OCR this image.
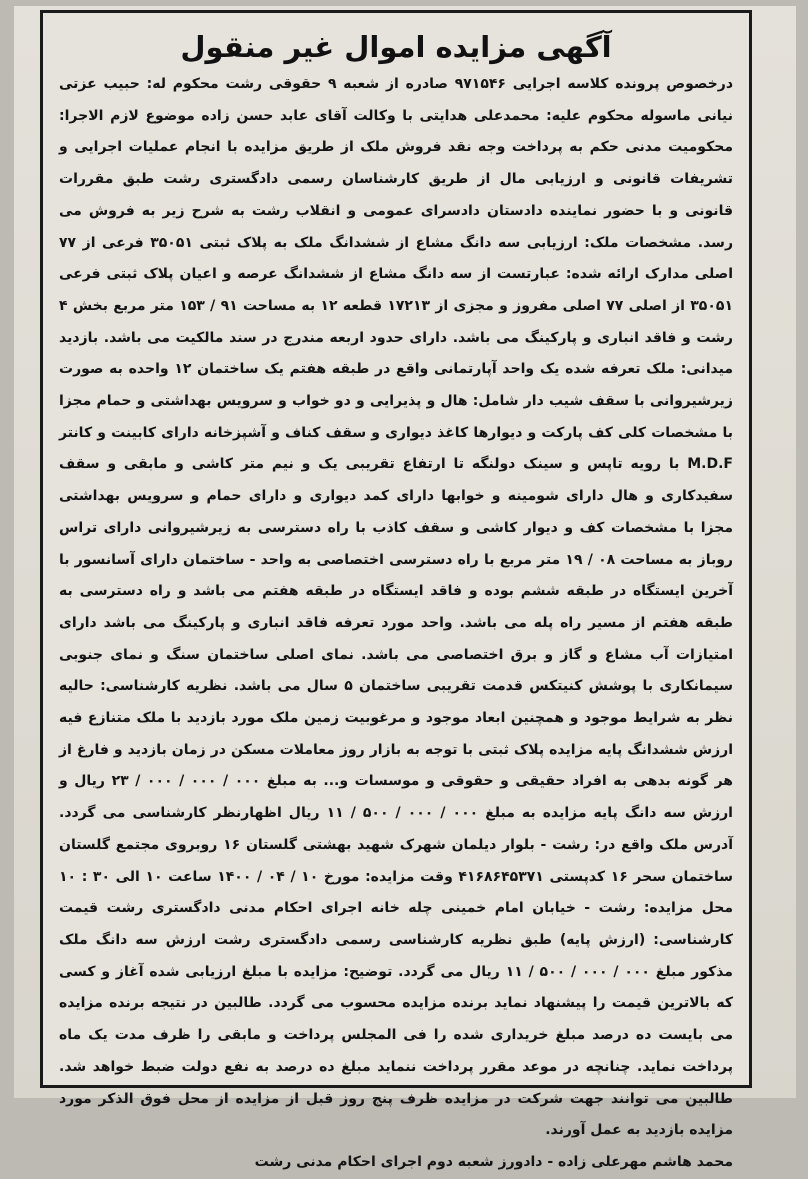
آگهی مزایده اموال غیر منقول
درخصوص پرونده کلاسه اجرایی ۹۷۱۵۴۶ صادره از شعبه ۹ حقوقی رشت محکوم له: حبیب عزتی نیانی ماسوله محکوم علیه: محمدعلی هدایتی با وکالت آقای عابد حسن زاده موضوع لازم الاجرا: محکومیت مدنی حکم به پرداخت وجه نقد فروش ملک از طریق مزایده با انجام عملیات اجرایی و تشریفات قانونی و ارزیابی مال از طریق کارشناسان رسمی دادگستری رشت طبق مقررات قانونی و با حضور نماینده دادستان دادسرای عمومی و انقلاب رشت به شرح زیر به فروش می رسد. مشخصات ملک: ارزیابی سه دانگ مشاع از ششدانگ ملک به پلاک ثبتی ۳۵۰۵۱ فرعی از ۷۷ اصلی مدارک ارائه شده: عبارتست از سه دانگ مشاع از ششدانگ عرصه و اعیان پلاک ثبتی فرعی ۳۵۰۵۱ از اصلی ۷۷ اصلی مفروز و مجزی از ۱۷۲۱۳ قطعه ۱۲ به مساحت ۹۱ / ۱۵۳ متر مربع بخش ۴ رشت و فاقد انباری و پارکینگ می باشد. دارای حدود اربعه مندرج در سند مالکیت می باشد. بازدید میدانی: ملک تعرفه شده یک واحد آپارتمانی واقع در طبقه هفتم یک ساختمان ۱۲ واحده به صورت زیرشیروانی با سقف شیب دار شامل: هال و پذیرایی و دو خواب و سرویس بهداشتی و حمام مجزا با مشخصات کلی کف پارکت و دیوارها کاغذ دیواری و سقف کناف و آشپزخانه دارای کابینت و کانتر M.D.F با رویه تاپس و سینک دولنگه تا ارتفاع تقریبی یک و نیم متر کاشی و مابقی و سقف سفیدکاری و هال دارای شومینه و خوابها دارای کمد دیواری و دارای حمام و سرویس بهداشتی مجزا با مشخصات کف و دیوار کاشی و سقف کاذب با راه دسترسی به زیرشیروانی دارای تراس روباز به مساحت ۰۸ / ۱۹ متر مربع با راه دسترسی اختصاصی به واحد - ساختمان دارای آسانسور با آخرین ایستگاه در طبقه ششم بوده و فاقد ایستگاه در طبقه هفتم می باشد و راه دسترسی به طبقه هفتم از مسیر راه پله می باشد. واحد مورد تعرفه فاقد انباری و پارکینگ می باشد دارای امتیازات آب مشاع و گاز و برق اختصاصی می باشد. نمای اصلی ساختمان سنگ و نمای جنوبی سیمانکاری با پوشش کنیتکس قدمت تقریبی ساختمان ۵ سال می باشد. نظریه کارشناسی: حالیه نظر به شرایط موجود و همچنین ابعاد موجود و مرغوبیت زمین ملک مورد بازدید با ملک متنازع فیه ارزش ششدانگ پایه مزایده پلاک ثبتی با توجه به بازار روز معاملات مسکن در زمان بازدید و فارغ از هر گونه بدهی به افراد حقیقی و حقوقی و موسسات و... به مبلغ ۰۰۰ / ۰۰۰ / ۰۰۰ / ۲۳ ریال و ارزش سه دانگ پایه مزایده به مبلغ ۰۰۰ / ۰۰۰ / ۵۰۰ / ۱۱ ریال اظهارنظر کارشناسی می گردد. آدرس ملک واقع در: رشت - بلوار دیلمان شهرک شهید بهشتی گلستان ۱۶ روبروی مجتمع گلستان ساختمان سحر ۱۶ کدپستی ۴۱۶۸۶۴۵۳۷۱ وقت مزایده: مورخ ۱۰ / ۰۴ / ۱۴۰۰ ساعت ۱۰ الی ۳۰ : ۱۰ محل مزایده: رشت - خیابان امام خمینی چله خانه اجرای احکام مدنی دادگستری رشت قیمت کارشناسی: (ارزش پایه) طبق نظریه کارشناسی رسمی دادگستری رشت ارزش سه دانگ ملک مذکور مبلغ ۰۰۰ / ۰۰۰ / ۵۰۰ / ۱۱ ریال می گردد. توضیح: مزایده با مبلغ ارزیابی شده آغاز و کسی که بالاترین قیمت را پیشنهاد نماید برنده مزایده محسوب می گردد. طالبین در نتیجه برنده مزایده می بایست ده درصد مبلغ خریداری شده را فی المجلس پرداخت و مابقی را ظرف مدت یک ماه پرداخت نماید. چنانچه در موعد مقرر پرداخت ننماید مبلغ ده درصد به نفع دولت ضبط خواهد شد. طالبین می توانند جهت شرکت در مزایده ظرف پنج روز قبل از مزایده از محل فوق الذکر مورد مزایده بازدید به عمل آورند.
محمد هاشم مهرعلی زاده - دادورز شعبه دوم اجرای احکام مدنی رشت
